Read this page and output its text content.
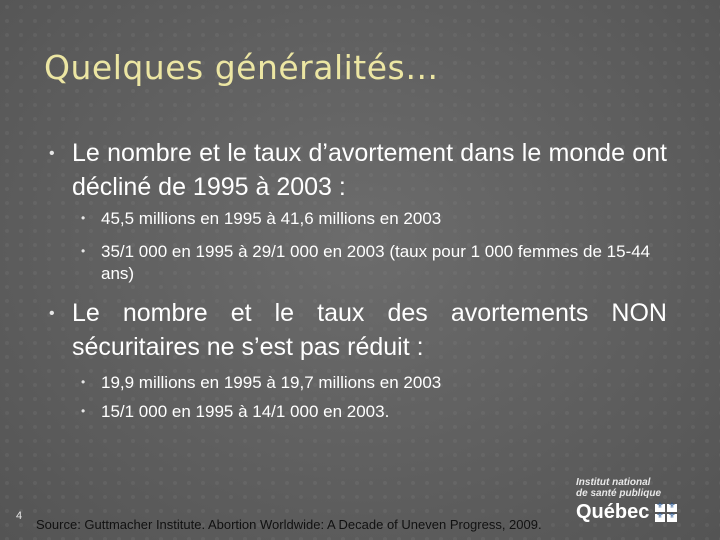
Quelques généralités…

• Le nombre et le taux d’avortement dans le monde ont décliné de 1995 à 2003 :

• 45,5 millions en 1995 à 41,6 millions en 2003

• 35/1 000 en 1995 à 29/1 000 en 2003 (taux pour 1 000 femmes de 15-44 ans)

• Le nombre et le taux des avortements NON sécuritaires ne s’est pas réduit :

• 19,9 millions en 1995 à 19,7 millions en 2003

• 15/1 000 en 1995 à 14/1 000 en 2003.

Institut national
de santé publique
Québec
⚜
⚜
⚜
⚜
4
Source: Guttmacher Institute. Abortion Worldwide: A Decade of Uneven Progress, 2009.
